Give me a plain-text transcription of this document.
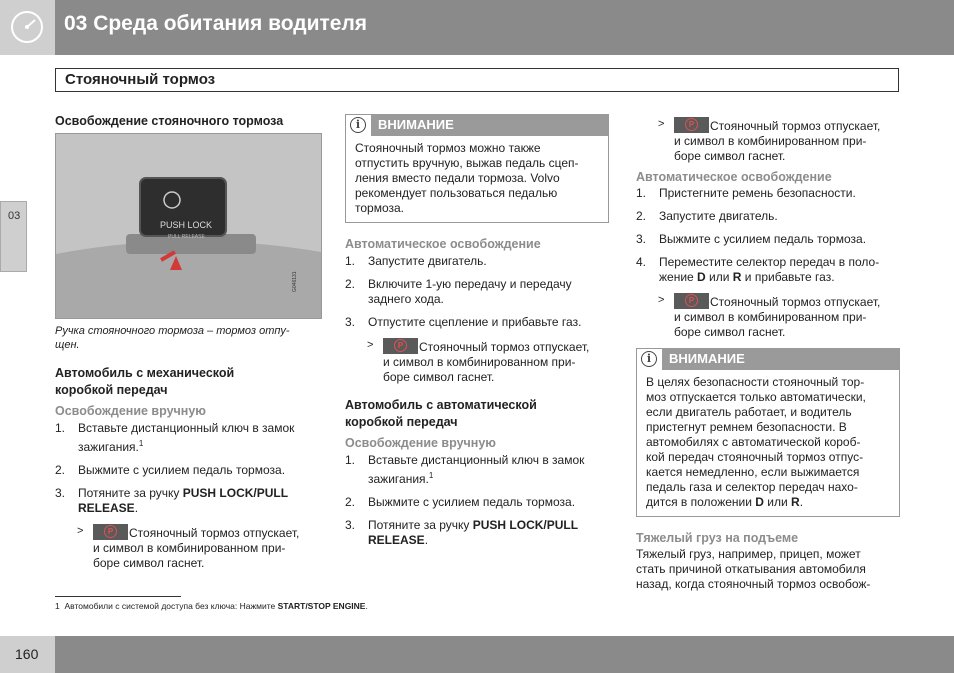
03 Среда обитания водителя
Стояночный тормоз
03
Освобождение стояночного тормоза
PUSH LOCK
PULL RELEASE
G046131
Ручка стояночного тормоза – тормоз отпу-
щен.
Автомобиль с механической
коробкой передач
Освобождение вручную
1. Вставьте дистанционный ключ в замок
зажигания.$^1$
2. Выжмите с усилием педаль тормоза.
3. Потяните за ручку PUSH LOCK/PULL
RELEASE.
>	P	Стояночный тормоз отпускает,
и символ в комбинированном при-
боре символ гаснет.
i	ВНИМАНИЕ
Стояночный тормоз можно также
отпустить вручную, выжав педаль сцеп-
ления вместо педали тормоза. Volvo
рекомендует пользоваться педалью
тормоза.
Автоматическое освобождение
1. Запустите двигатель.
2. Включите 1-ую передачу и передачу
заднего хода.
3. Отпустите сцепление и прибавьте газ.
>	P	Стояночный тормоз отпускает,
и символ в комбинированном при-
боре символ гаснет.
Автомобиль с автоматической
коробкой передач
Освобождение вручную
1. Вставьте дистанционный ключ в замок
зажигания.$^1$
2. Выжмите с усилием педаль тормоза.
3. Потяните за ручку PUSH LOCK/PULL
RELEASE.
>	P	Стояночный тормоз отпускает,
и символ в комбинированном при-
боре символ гаснет.
Автоматическое освобождение
1. Пристегните ремень безопасности.
2. Запустите двигатель.
3. Выжмите с усилием педаль тормоза.
4. Переместите селектор передач в поло-
жение D или R и прибавьте газ.
>	P	Стояночный тормоз отпускает,
и символ в комбинированном при-
боре символ гаснет.
i	ВНИМАНИЕ
В целях безопасности стояночный тор-
моз отпускается только автоматически,
если двигатель работает, и водитель
пристегнут ремнем безопасности. В
автомобилях с автоматической короб-
кой передач стояночный тормоз отпус-
кается немедленно, если выжимается
педаль газа и селектор передач нахо-
дится в положении D или R.
Тяжелый груз на подъеме
Тяжелый груз, например, прицеп, может
стать причиной откатывания автомобиля
назад, когда стояночный тормоз освобож-
1 Автомобили с системой доступа без ключа: Нажмите START/STOP ENGINE.
160
